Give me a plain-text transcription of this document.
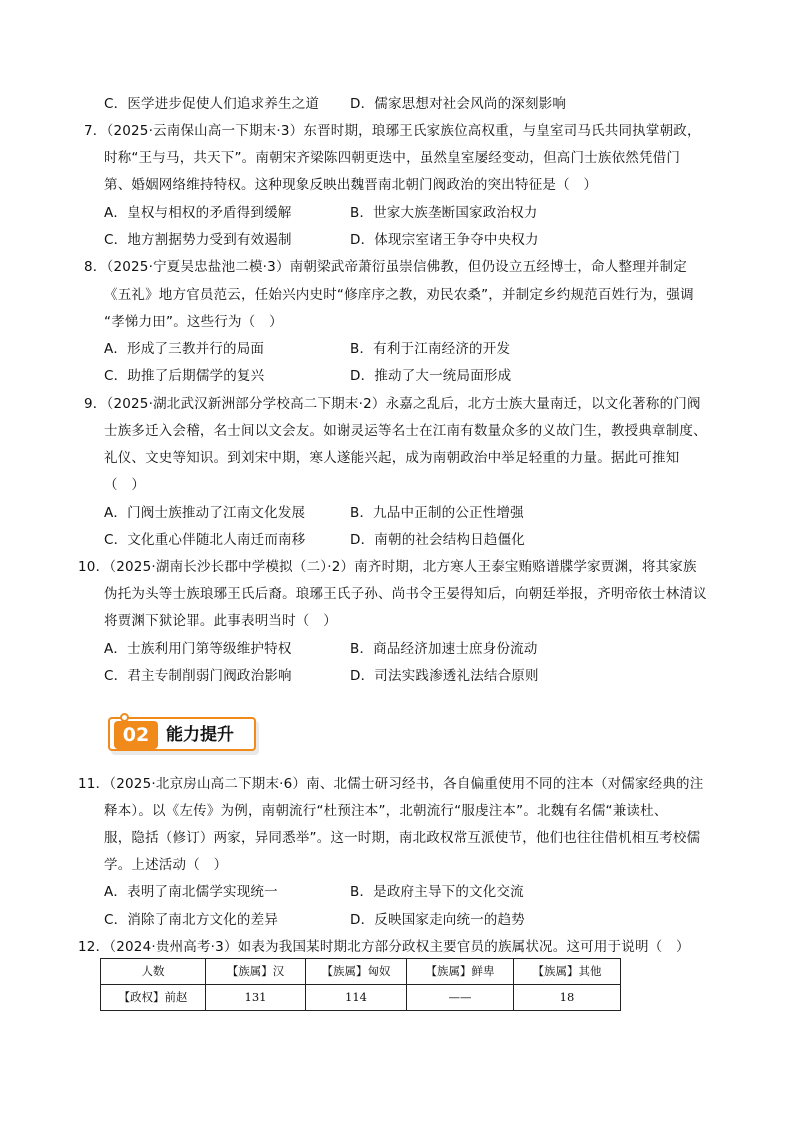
C．医学进步促使人们追求养生之道 D．儒家思想对社会风尚的深刻影响
7．（2025·云南保山高一下期末·3）东晋时期，琅琊王氏家族位高权重，与皇室司马氏共同执掌朝政，
时称“王与马，共天下”。南朝宋齐梁陈四朝更迭中，虽然皇室屡经变动，但高门士族依然凭借门
第、婚姻网络维持特权。这种现象反映出魏晋南北朝门阀政治的突出特征是（　）
A．皇权与相权的矛盾得到缓解	B．世家大族垄断国家政治权力
C．地方割据势力受到有效遏制	D．体现宗室诸王争夺中央权力
8．（2025·宁夏吴忠盐池二模·3）南朝梁武帝萧衍虽崇信佛教，但仍设立五经博士，命人整理并制定
《五礼》地方官员范云，任始兴内史时“修庠序之教，劝民农桑”，并制定乡约规范百姓行为，强调
“孝悌力田”。这些行为（　）
A．形成了三教并行的局面	B．有利于江南经济的开发
C．助推了后期儒学的复兴	D．推动了大一统局面形成
9．（2025·湖北武汉新洲部分学校高二下期末·2）永嘉之乱后，北方士族大量南迁，以文化著称的门阀
士族多迁入会稽，名士间以文会友。如谢灵运等名士在江南有数量众多的义故门生，教授典章制度、
礼仪、文史等知识。到刘宋中期，寒人遂能兴起，成为南朝政治中举足轻重的力量。据此可推知
（　）
A．门阀士族推动了江南文化发展	B．九品中正制的公正性增强
C．文化重心伴随北人南迁而南移	D．南朝的社会结构日趋僵化
10．（2025·湖南长沙长郡中学模拟（二）·2）南齐时期，北方寒人王泰宝贿赂谱牒学家贾渊，将其家族
伪托为头等士族琅琊王氏后裔。琅琊王氏子孙、尚书令王晏得知后，向朝廷举报，齐明帝依士林清议
将贾渊下狱论罪。此事表明当时（　）
A．士族利用门第等级维护特权	B．商品经济加速士庶身份流动
C．君主专制削弱门阀政治影响	D．司法实践渗透礼法结合原则
02 能力提升
11．（2025·北京房山高二下期末·6）南、北儒士研习经书，各自偏重使用不同的注本（对儒家经典的注
释本）。以《左传》为例，南朝流行“杜预注本”，北朝流行“服虔注本”。北魏有名儒“兼读杜、
服，隐括（修订）两家，异同悉举”。这一时期，南北政权常互派使节，他们也往往借机相互考校儒
学。上述活动（　）
A．表明了南北儒学实现统一	B．是政府主导下的文化交流
C．消除了南北方文化的差异	D．反映国家走向统一的趋势
12．（2024·贵州高考·3）如表为我国某时期北方部分政权主要官员的族属状况。这可用于说明（　）
人数	【族属】汉	【族属】匈奴	【族属】鲜卑	【族属】其他
【政权】前赵	131	114	——	18
